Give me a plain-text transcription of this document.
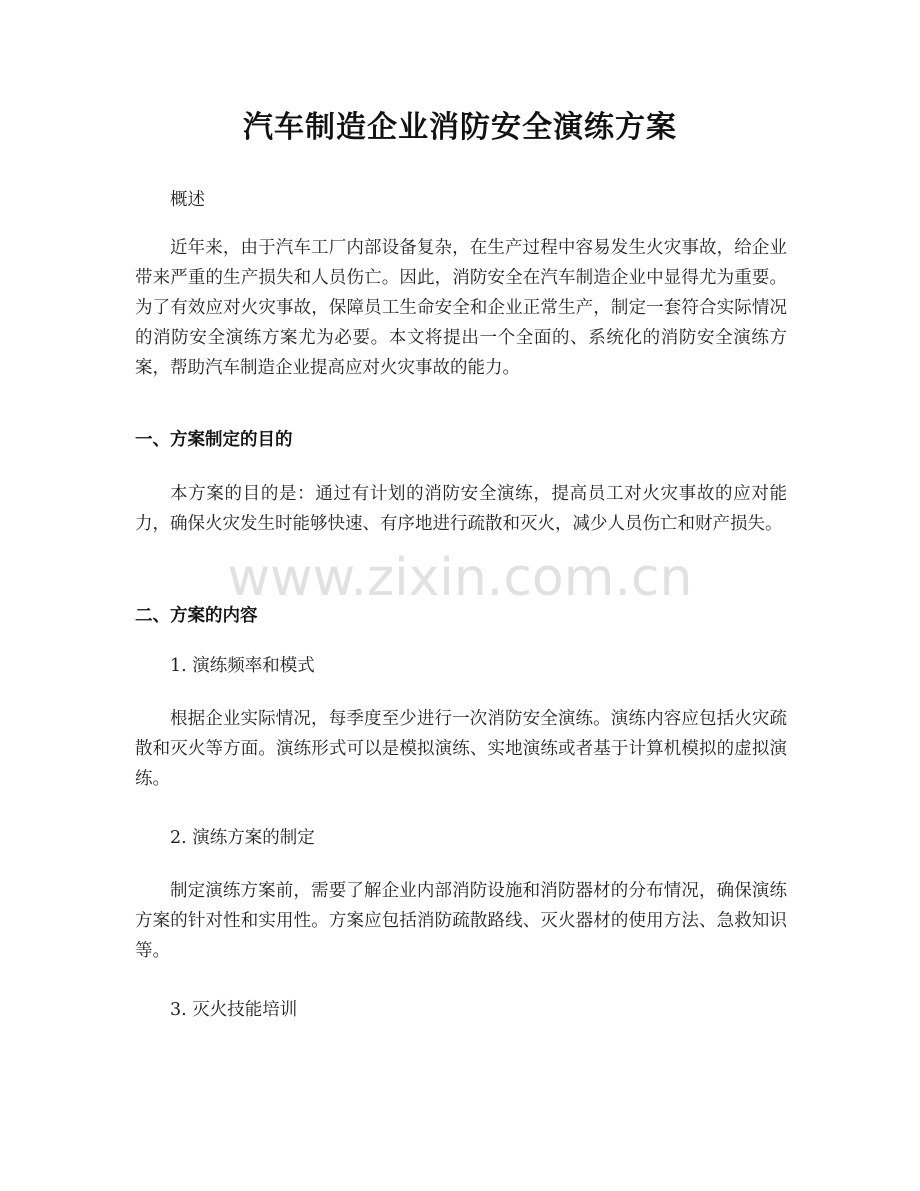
汽车制造企业消防安全演练方案
概述
近年来，由于汽车工厂内部设备复杂，在生产过程中容易发生火灾事故，给企业带来严重的生产损失和人员伤亡。因此，消防安全在汽车制造企业中显得尤为重要。为了有效应对火灾事故，保障员工生命安全和企业正常生产，制定一套符合实际情况的消防安全演练方案尤为必要。本文将提出一个全面的、系统化的消防安全演练方案，帮助汽车制造企业提高应对火灾事故的能力。
一、方案制定的目的
本方案的目的是：通过有计划的消防安全演练，提高员工对火灾事故的应对能力，确保火灾发生时能够快速、有序地进行疏散和灭火，减少人员伤亡和财产损失。
二、方案的内容
1. 演练频率和模式
根据企业实际情况，每季度至少进行一次消防安全演练。演练内容应包括火灾疏散和灭火等方面。演练形式可以是模拟演练、实地演练或者基于计算机模拟的虚拟演练。
2. 演练方案的制定
制定演练方案前，需要了解企业内部消防设施和消防器材的分布情况，确保演练方案的针对性和实用性。方案应包括消防疏散路线、灭火器材的使用方法、急救知识等。
3. 灭火技能培训
www.zixin.com.cn
